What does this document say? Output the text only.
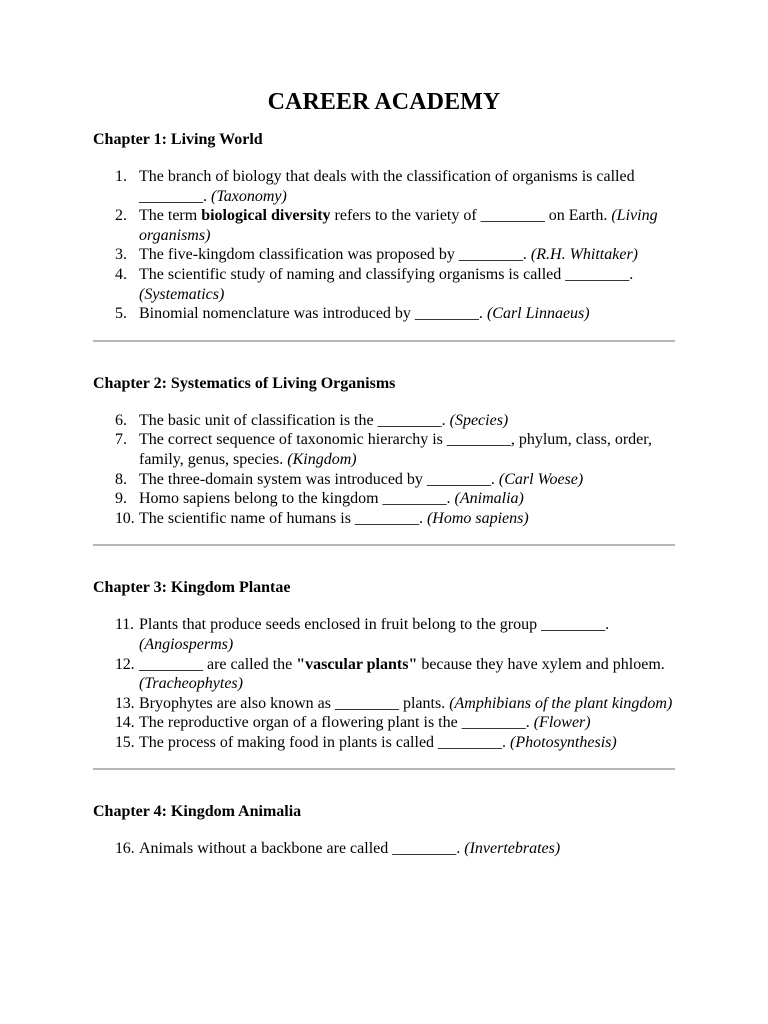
CAREER ACADEMY
Chapter 1: Living World
1. The branch of biology that deals with the classification of organisms is called ________. (Taxonomy)
2. The term biological diversity refers to the variety of ________ on Earth. (Living organisms)
3. The five-kingdom classification was proposed by ________. (R.H. Whittaker)
4. The scientific study of naming and classifying organisms is called ________. (Systematics)
5. Binomial nomenclature was introduced by ________. (Carl Linnaeus)
Chapter 2: Systematics of Living Organisms
6. The basic unit of classification is the ________. (Species)
7. The correct sequence of taxonomic hierarchy is ________, phylum, class, order, family, genus, species. (Kingdom)
8. The three-domain system was introduced by ________. (Carl Woese)
9. Homo sapiens belong to the kingdom ________. (Animalia)
10. The scientific name of humans is ________. (Homo sapiens)
Chapter 3: Kingdom Plantae
11. Plants that produce seeds enclosed in fruit belong to the group ________. (Angiosperms)
12. ________ are called the "vascular plants" because they have xylem and phloem. (Tracheophytes)
13. Bryophytes are also known as ________ plants. (Amphibians of the plant kingdom)
14. The reproductive organ of a flowering plant is the ________. (Flower)
15. The process of making food in plants is called ________. (Photosynthesis)
Chapter 4: Kingdom Animalia
16. Animals without a backbone are called ________. (Invertebrates)
